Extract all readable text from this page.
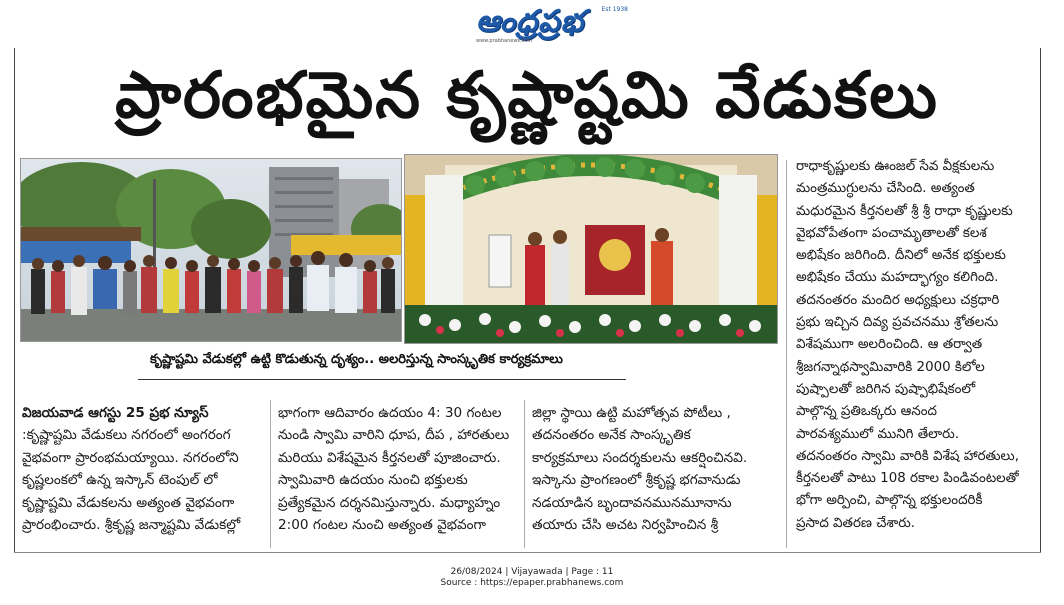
ఆంధ్రప్రభ	Est 1938
www.prabhanews.com
ప్రారంభమైన కృష్ణాష్టమి వేడుకలు
కృష్ణాష్టమి వేడుకల్లో ఉట్టి కొడుతున్న దృశ్యం.. అలరిస్తున్న సాంస్కృతిక కార్యక్రమాలు
విజయవాడ ఆగస్టు 25 ప్రభ న్యూస్
:కృష్ణాష్టమి వేడుకలు నగరంలో అంగరంగ
వైభవంగా ప్రారంభమయ్యాయి. నగరంలోని
కృష్ణలంకలో ఉన్న ఇస్కాన్ టెంపుల్ లో
కృష్ణాష్టమి వేడుకలను అత్యంత వైభవంగా
ప్రారంభించారు. శ్రీకృష్ణ జన్మాష్టమి వేడుకల్లో
భాగంగా ఆదివారం ఉదయం 4: 30 గంటల
నుండి స్వామి వారిని ధూప, దీప , హారతులు
మరియు విశేషమైన కీర్తనలతో పూజించారు.
స్వామివారి ఉదయం నుంచి భక్తులకు
ప్రత్యేకమైన దర్శనమిస్తున్నారు. మధ్యాహ్నం
2:00 గంటల నుంచి అత్యంత వైభవంగా
జిల్లా స్థాయి ఉట్టి మహోత్సవ పోటీలు ,
తదనంతరం అనేక సాంస్కృతిక
కార్యక్రమాలు సందర్శకులను ఆకర్షించినవి.
ఇస్కాను ప్రాంగణంలో శ్రీకృష్ణ భగవానుడు
నడయాడిన బృందావనమునమూనాను
తయారు చేసి అచట నిర్వహించిన శ్రీ
రాధాకృష్ణులకు ఊంజల్ సేవ వీక్షకులను
మంత్రముగ్ధులను చేసింది. అత్యంత
మధురమైన కీర్తనలతో శ్రీ శ్రీ రాధా కృష్ణులకు
వైభవోపేతంగా పంచామృతాలతో కలశ
అభిషేకం జరిగింది. దీనిలో అనేక భక్తులకు
అభిషేకం చేయు మహద్భాగ్యం కలిగింది.
తదనంతరం మందిర అధ్యక్షులు చక్రధారి
ప్రభు ఇచ్చిన దివ్య ప్రవచనము శ్రోతలను
విశేషముగా అలరించింది. ఆ తర్వాత
శ్రీజగన్నాథస్వామివారికి 2000 కిలోల
పుష్పాలతో జరిగిన పుష్పాభిషేకంలో
పాల్గొన్న ప్రతిఒక్కరు ఆనంద
పారవశ్యములో మునిగి తేలారు.
తదనంతరం స్వామి వారికి విశేష హారతులు,
కీర్తనలతో పాటు 108 రకాల పిండివంటలతో
భోగా అర్పించి, పాల్గొన్న భక్తులందరికీ
ప్రసాద వితరణ చేశారు.
26/08/2024 | Vijayawada | Page : 11
Source : https://epaper.prabhanews.com
